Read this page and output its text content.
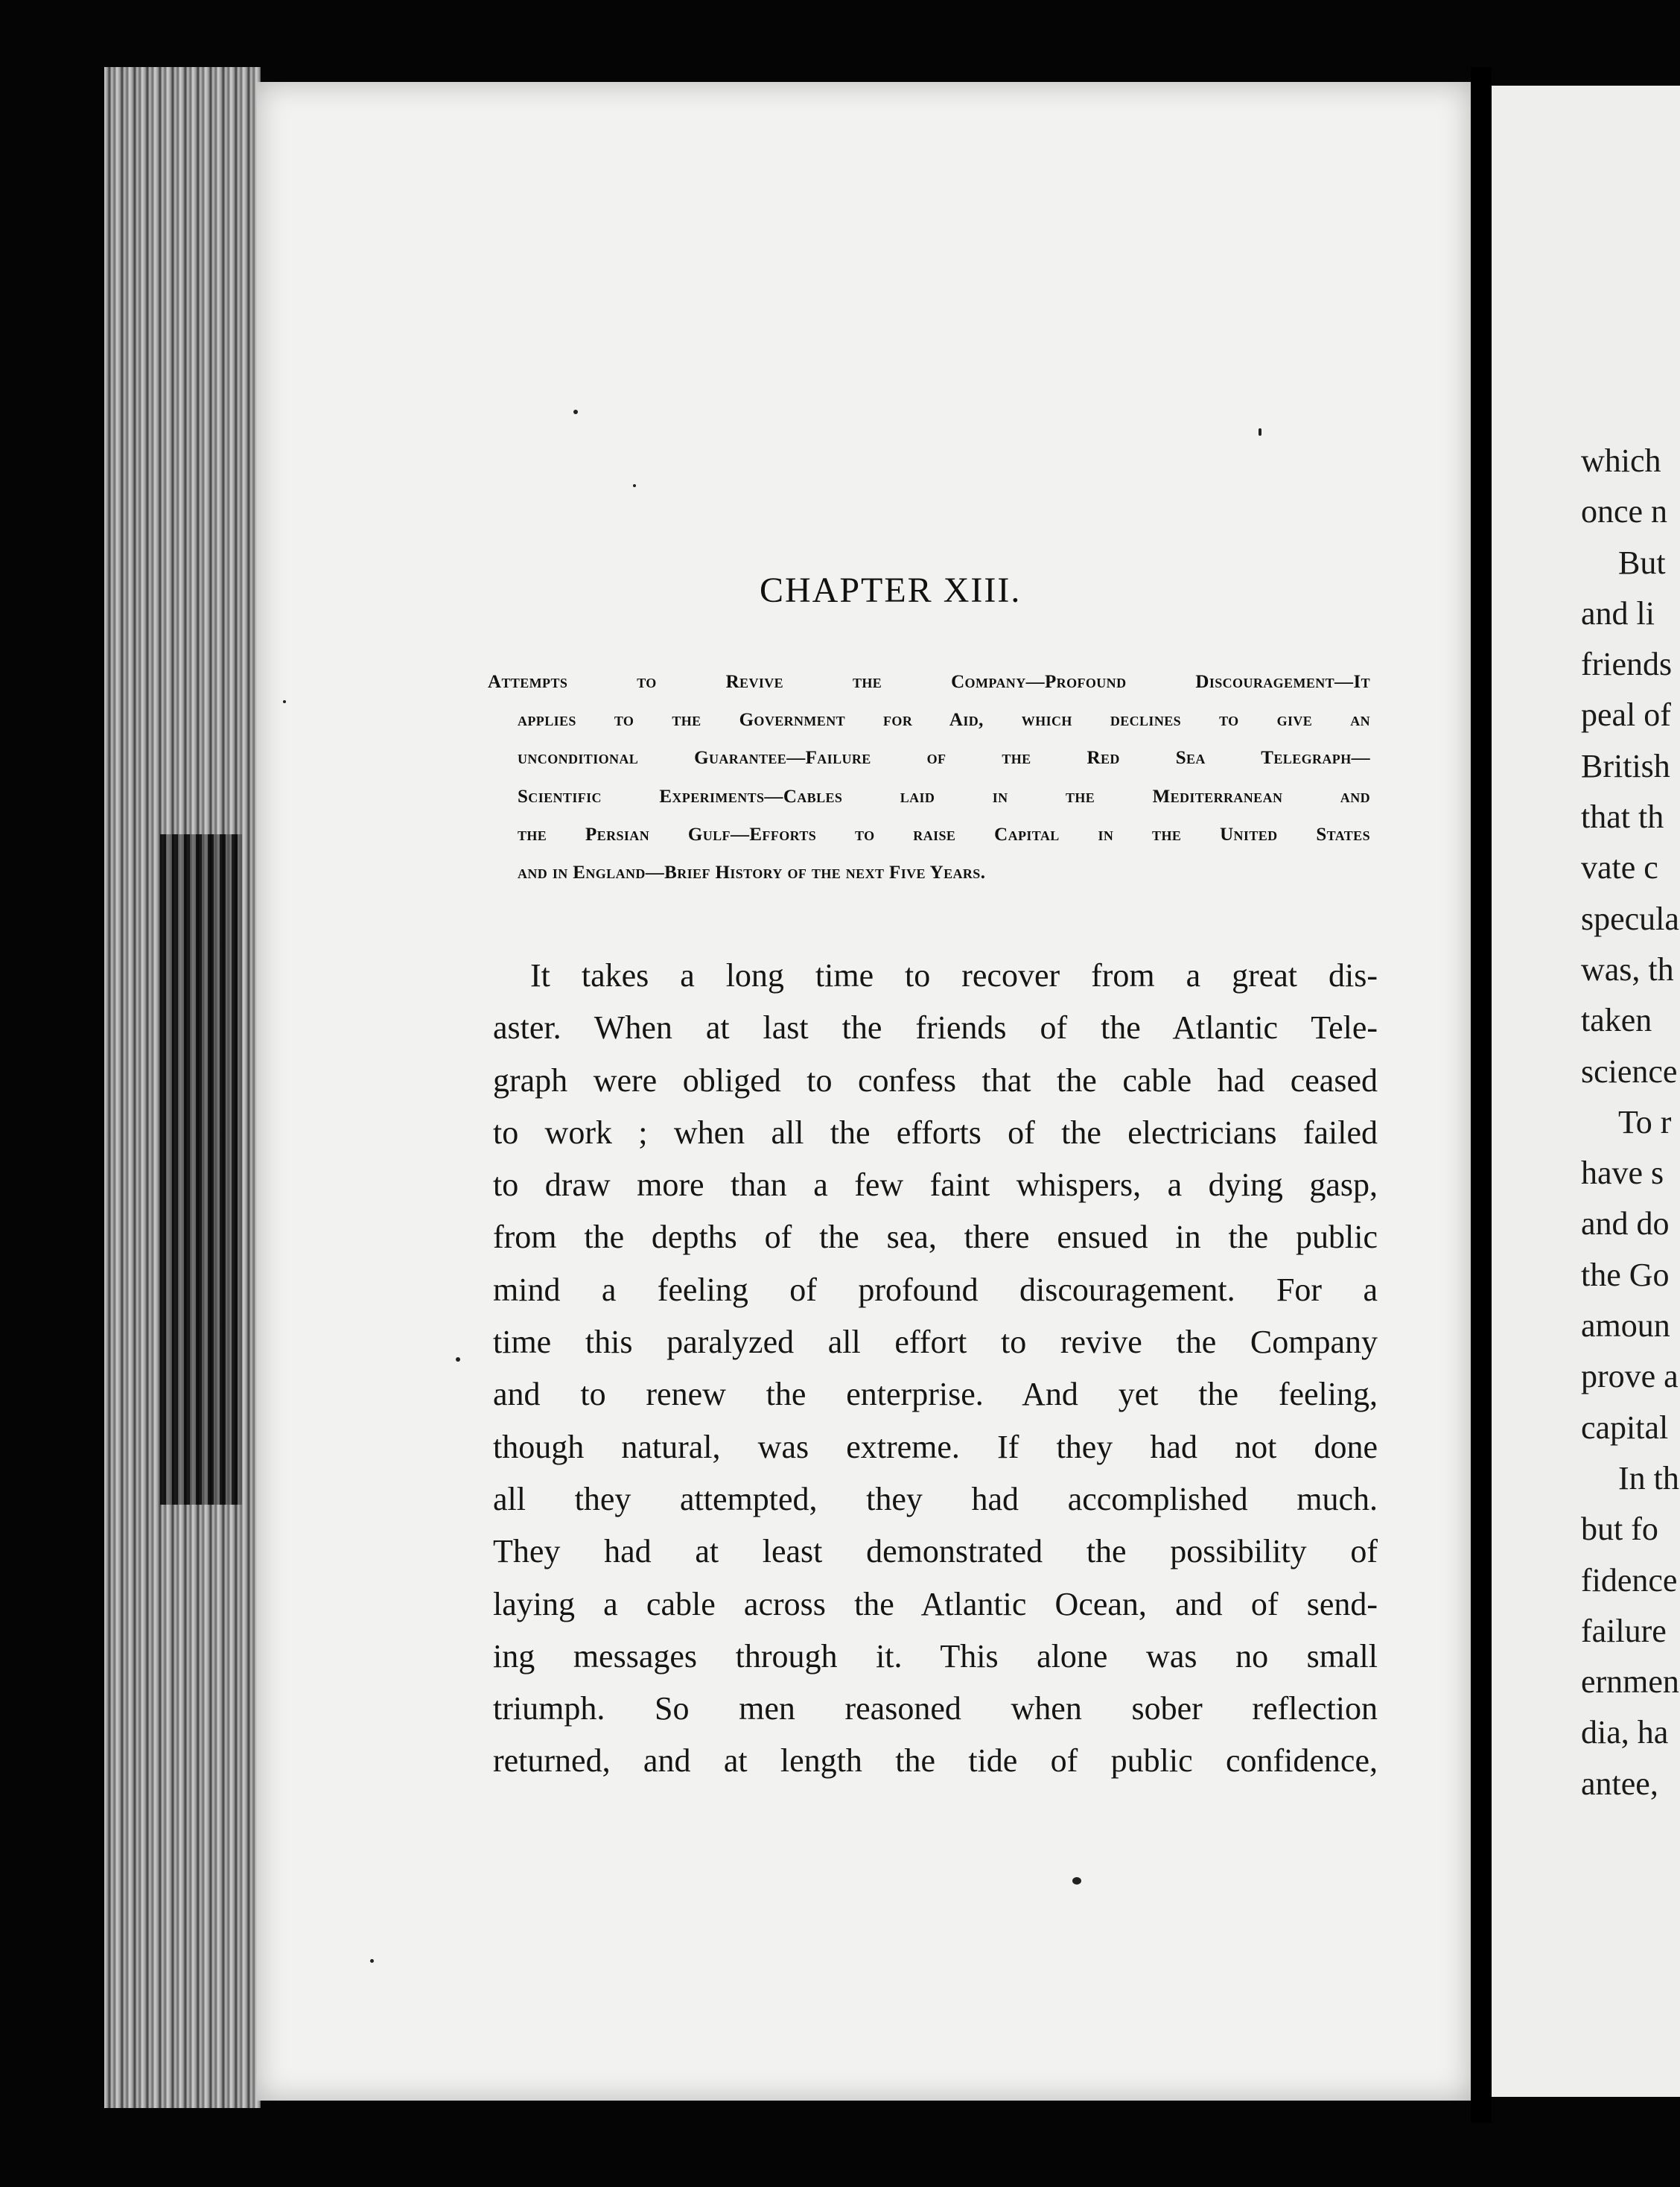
which
once n
But
and li
friends
peal of
British
that th
vate c
specula
was, th
taken
science
To r
have s
and do
the Go
amoun
prove a
capital
In th
but fo
fidence
failure
ernmen
dia, ha
antee,
CHAPTER XIII.
Attempts to Revive the Company—Profound Discouragement—It
applies to the Government for Aid, which declines to give an
unconditional Guarantee—Failure of the Red Sea Telegraph—
Scientific Experiments—Cables laid in the Mediterranean and
the Persian Gulf—Efforts to raise Capital in the United States
and in England—Brief History of the next Five Years.
It takes a long time to recover from a great dis-
aster. When at last the friends of the Atlantic Tele-
graph were obliged to confess that the cable had ceased
to work ; when all the efforts of the electricians failed
to draw more than a few faint whispers, a dying gasp,
from the depths of the sea, there ensued in the public
mind a feeling of profound discouragement. For a
time this paralyzed all effort to revive the Company
and to renew the enterprise. And yet the feeling,
though natural, was extreme. If they had not done
all they attempted, they had accomplished much.
They had at least demonstrated the possibility of
laying a cable across the Atlantic Ocean, and of send-
ing messages through it. This alone was no small
triumph. So men reasoned when sober reflection
returned, and at length the tide of public confidence,
